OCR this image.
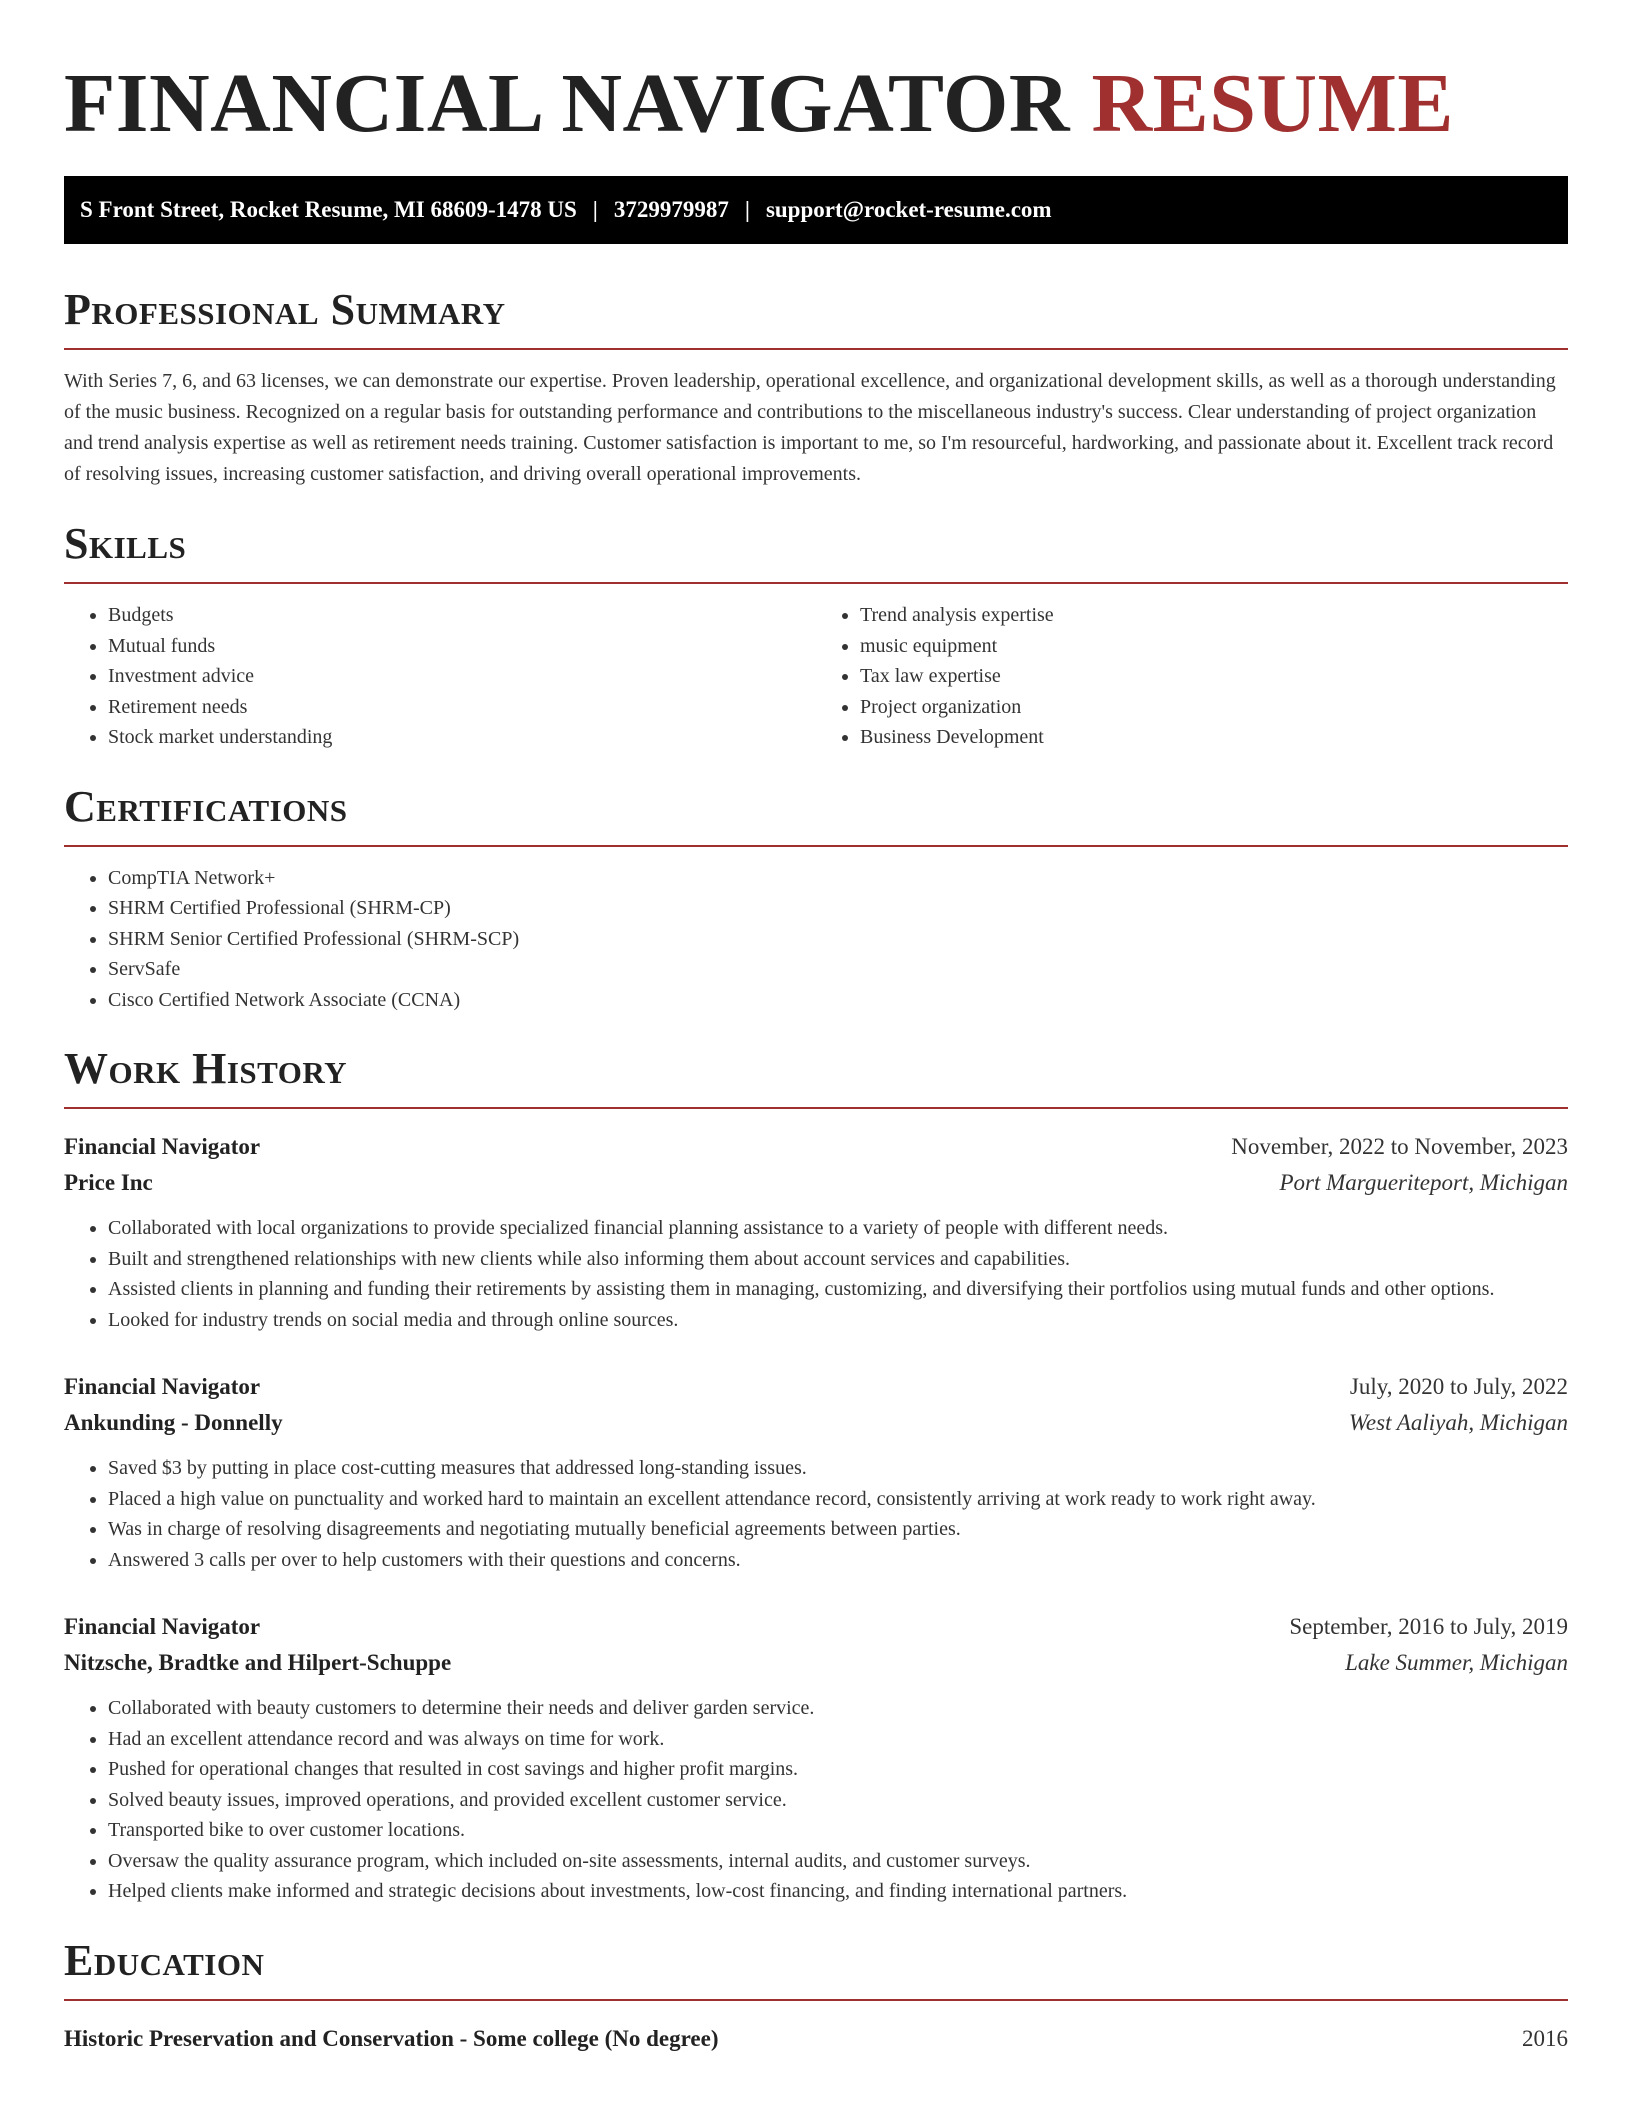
FINANCIAL NAVIGATOR RESUME
S Front Street, Rocket Resume, MI 68609-1478 US | 3729979987 | support@rocket-resume.com
Professional Summary

With Series 7, 6, and 63 licenses, we can demonstrate our expertise. Proven leadership, operational excellence, and organizational development skills, as well as a thorough understanding of the music business. Recognized on a regular basis for outstanding performance and contributions to the miscellaneous industry's success. Clear understanding of project organization and trend analysis expertise as well as retirement needs training. Customer satisfaction is important to me, so I'm resourceful, hardworking, and passionate about it. Excellent track record of resolving issues, increasing customer satisfaction, and driving overall operational improvements.

Skills
• Budgets
• Mutual funds
• Investment advice
• Retirement needs
• Stock market understanding
• Trend analysis expertise
• music equipment
• Tax law expertise
• Project organization
• Business Development
Certifications
• CompTIA Network+
• SHRM Certified Professional (SHRM-CP)
• SHRM Senior Certified Professional (SHRM-SCP)
• ServSafe
• Cisco Certified Network Associate (CCNA)
Work History
Financial Navigator	November, 2022 to November, 2023
Price Inc	Port Margueriteport, Michigan
• Collaborated with local organizations to provide specialized financial planning assistance to a variety of people with different needs.
• Built and strengthened relationships with new clients while also informing them about account services and capabilities.
• Assisted clients in planning and funding their retirements by assisting them in managing, customizing, and diversifying their portfolios using mutual funds and other options.
• Looked for industry trends on social media and through online sources.
Financial Navigator	July, 2020 to July, 2022
Ankunding - Donnelly	West Aaliyah, Michigan
• Saved $3 by putting in place cost-cutting measures that addressed long-standing issues.
• Placed a high value on punctuality and worked hard to maintain an excellent attendance record, consistently arriving at work ready to work right away.
• Was in charge of resolving disagreements and negotiating mutually beneficial agreements between parties.
• Answered 3 calls per over to help customers with their questions and concerns.
Financial Navigator	September, 2016 to July, 2019
Nitzsche, Bradtke and Hilpert-Schuppe	Lake Summer, Michigan
• Collaborated with beauty customers to determine their needs and deliver garden service.
• Had an excellent attendance record and was always on time for work.
• Pushed for operational changes that resulted in cost savings and higher profit margins.
• Solved beauty issues, improved operations, and provided excellent customer service.
• Transported bike to over customer locations.
• Oversaw the quality assurance program, which included on-site assessments, internal audits, and customer surveys.
• Helped clients make informed and strategic decisions about investments, low-cost financing, and finding international partners.
Education
Historic Preservation and Conservation - Some college (No degree)	2016
